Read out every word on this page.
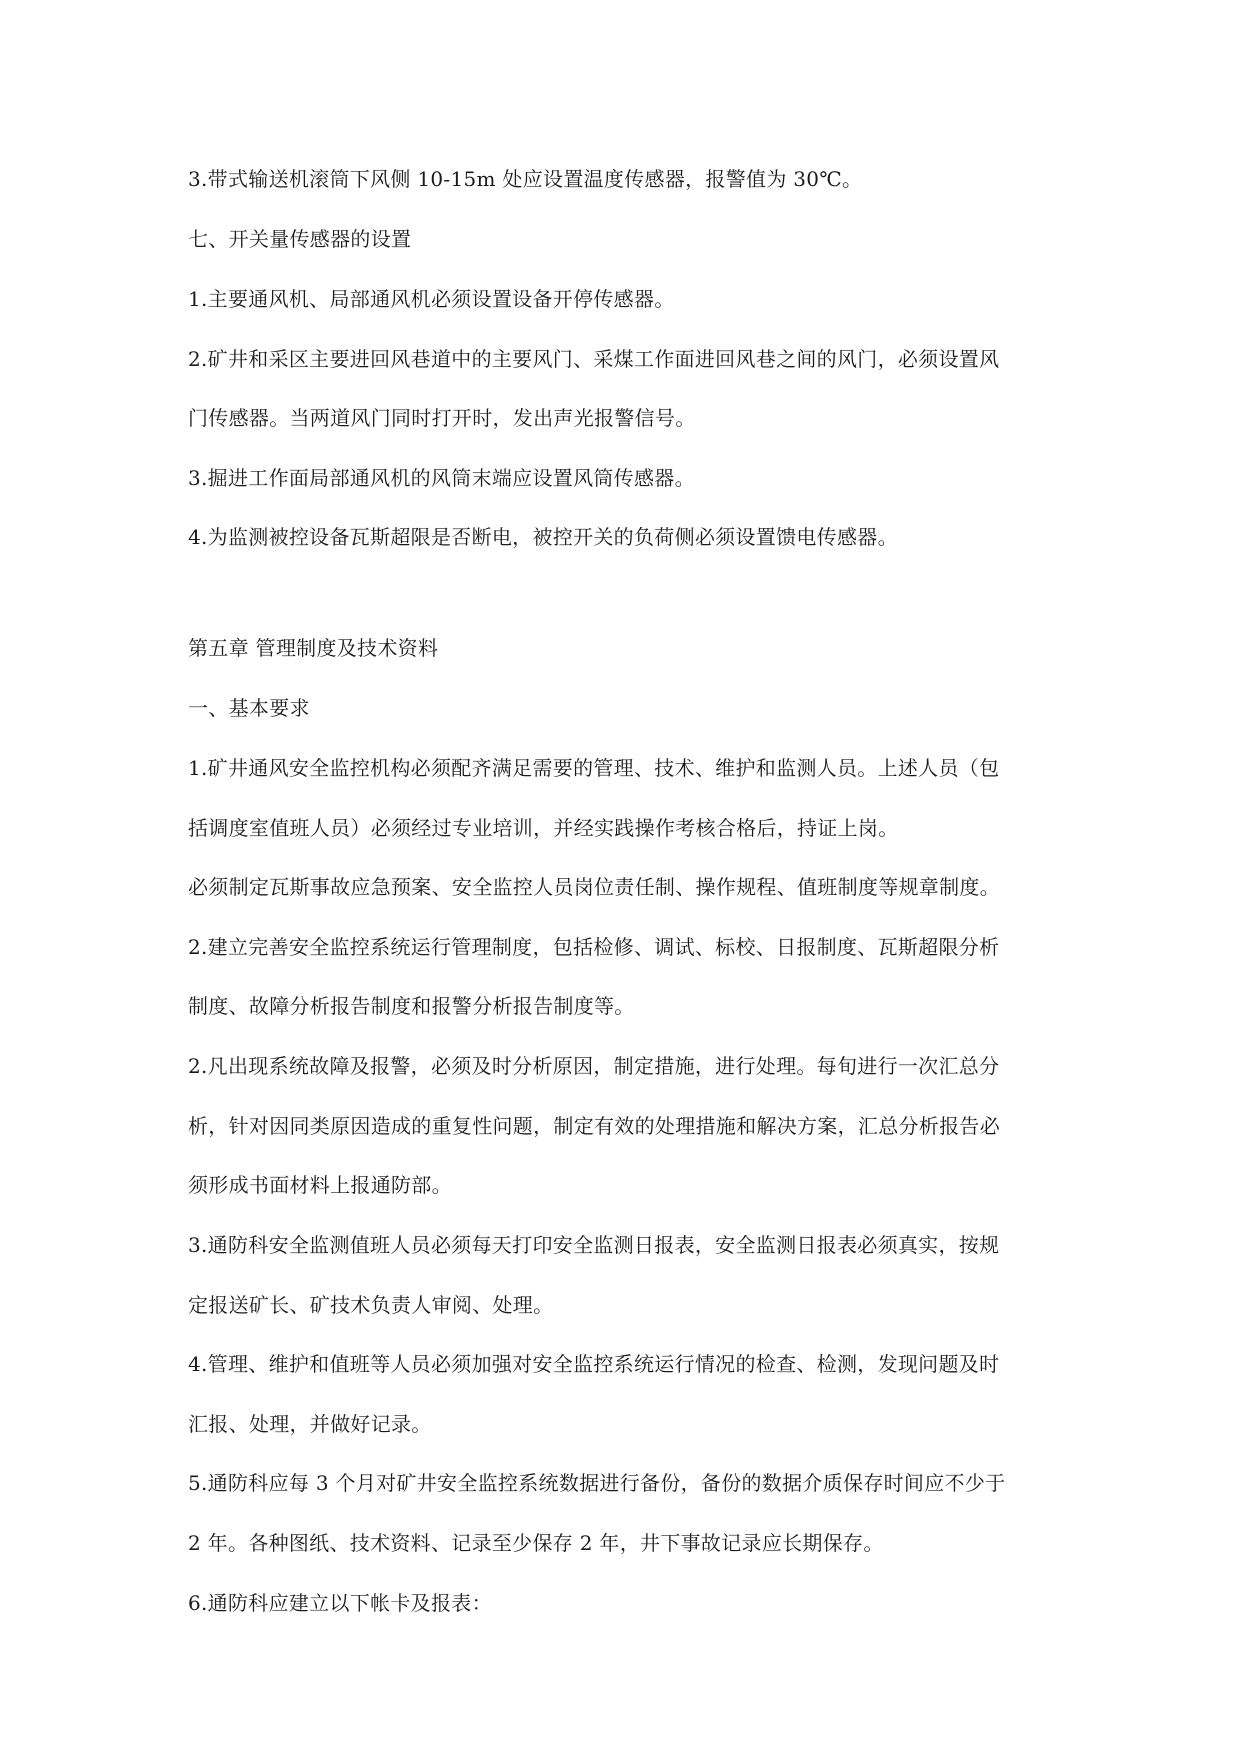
3.带式输送机滚筒下风侧 10-15m 处应设置温度传感器，报警值为 30℃。

七、开关量传感器的设置

1.主要通风机、局部通风机必须设置设备开停传感器。

2.矿井和采区主要进回风巷道中的主要风门、采煤工作面进回风巷之间的风门，必须设置风

门传感器。当两道风门同时打开时，发出声光报警信号。

3.掘进工作面局部通风机的风筒末端应设置风筒传感器。

4.为监测被控设备瓦斯超限是否断电，被控开关的负荷侧必须设置馈电传感器。

第五章 管理制度及技术资料

一、基本要求

1.矿井通风安全监控机构必须配齐满足需要的管理、技术、维护和监测人员。上述人员（包

括调度室值班人员）必须经过专业培训，并经实践操作考核合格后，持证上岗。

必须制定瓦斯事故应急预案、安全监控人员岗位责任制、操作规程、值班制度等规章制度。

2.建立完善安全监控系统运行管理制度，包括检修、调试、标校、日报制度、瓦斯超限分析

制度、故障分析报告制度和报警分析报告制度等。

2.凡出现系统故障及报警，必须及时分析原因，制定措施，进行处理。每旬进行一次汇总分

析，针对因同类原因造成的重复性问题，制定有效的处理措施和解决方案，汇总分析报告必

须形成书面材料上报通防部。

3.通防科安全监测值班人员必须每天打印安全监测日报表，安全监测日报表必须真实，按规

定报送矿长、矿技术负责人审阅、处理。

4.管理、维护和值班等人员必须加强对安全监控系统运行情况的检查、检测，发现问题及时

汇报、处理，并做好记录。

5.通防科应每 3 个月对矿井安全监控系统数据进行备份，备份的数据介质保存时间应不少于

2 年。各种图纸、技术资料、记录至少保存 2 年，井下事故记录应长期保存。

6.通防科应建立以下帐卡及报表：
